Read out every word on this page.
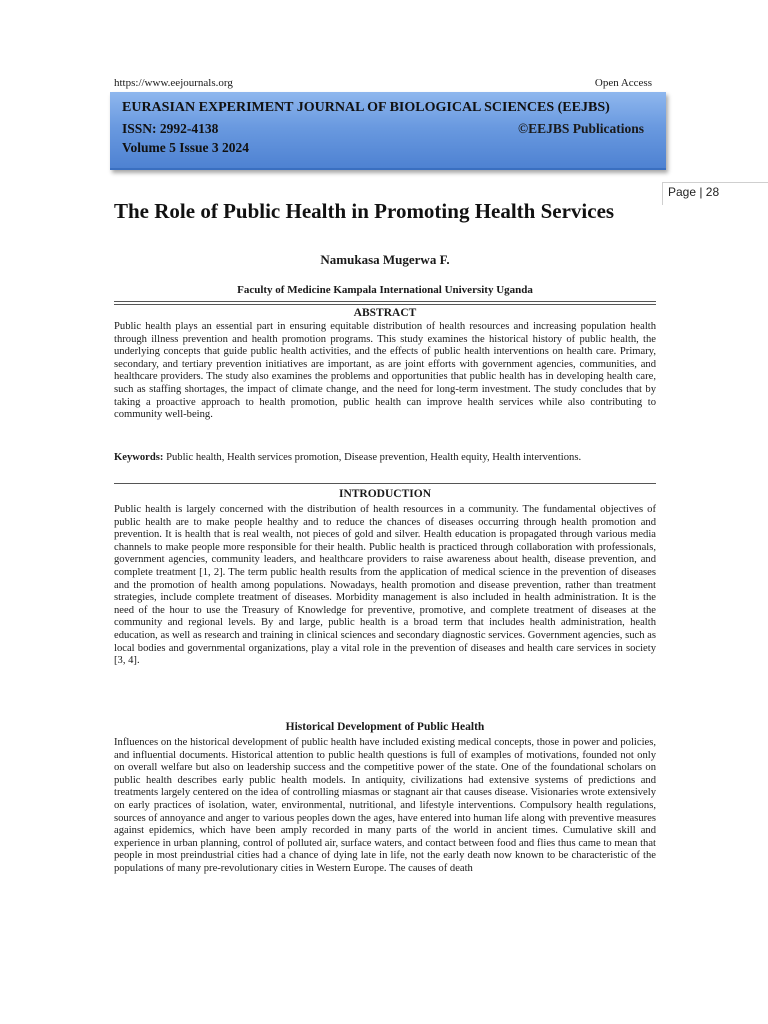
https://www.eejournals.org	Open Access
EURASIAN EXPERIMENT JOURNAL OF BIOLOGICAL SCIENCES (EEJBS)
ISSN: 2992-4138	©EEJBS Publications
Volume 5 Issue 3 2024
Page | 28
The Role of Public Health in Promoting Health Services
Namukasa Mugerwa F.
Faculty of Medicine Kampala International University Uganda
ABSTRACT
Public health plays an essential part in ensuring equitable distribution of health resources and increasing population health through illness prevention and health promotion programs. This study examines the historical history of public health, the underlying concepts that guide public health activities, and the effects of public health interventions on health care. Primary, secondary, and tertiary prevention initiatives are important, as are joint efforts with government agencies, communities, and healthcare providers. The study also examines the problems and opportunities that public health has in developing health care, such as staffing shortages, the impact of climate change, and the need for long-term investment. The study concludes that by taking a proactive approach to health promotion, public health can improve health services while also contributing to community well-being.
Keywords: Public health, Health services promotion, Disease prevention, Health equity, Health interventions.
INTRODUCTION
Public health is largely concerned with the distribution of health resources in a community. The fundamental objectives of public health are to make people healthy and to reduce the chances of diseases occurring through health promotion and prevention. It is health that is real wealth, not pieces of gold and silver. Health education is propagated through various media channels to make people more responsible for their health. Public health is practiced through collaboration with professionals, government agencies, community leaders, and healthcare providers to raise awareness about health, disease prevention, and complete treatment [1, 2]. The term public health results from the application of medical science in the prevention of diseases and the promotion of health among populations. Nowadays, health promotion and disease prevention, rather than treatment strategies, include complete treatment of diseases. Morbidity management is also included in health administration. It is the need of the hour to use the Treasury of Knowledge for preventive, promotive, and complete treatment of diseases at the community and regional levels. By and large, public health is a broad term that includes health administration, health education, as well as research and training in clinical sciences and secondary diagnostic services. Government agencies, such as local bodies and governmental organizations, play a vital role in the prevention of diseases and health care services in society [3, 4].
Historical Development of Public Health
Influences on the historical development of public health have included existing medical concepts, those in power and policies, and influential documents. Historical attention to public health questions is full of examples of motivations, founded not only on overall welfare but also on leadership success and the competitive power of the state. One of the foundational scholars on public health describes early public health models. In antiquity, civilizations had extensive systems of predictions and treatments largely centered on the idea of controlling miasmas or stagnant air that causes disease. Visionaries wrote extensively on early practices of isolation, water, environmental, nutritional, and lifestyle interventions. Compulsory health regulations, sources of annoyance and anger to various peoples down the ages, have entered into human life along with preventive measures against epidemics, which have been amply recorded in many parts of the world in ancient times. Cumulative skill and experience in urban planning, control of polluted air, surface waters, and contact between food and flies thus came to mean that people in most preindustrial cities had a chance of dying late in life, not the early death now known to be characteristic of the populations of many pre-revolutionary cities in Western Europe. The causes of death
